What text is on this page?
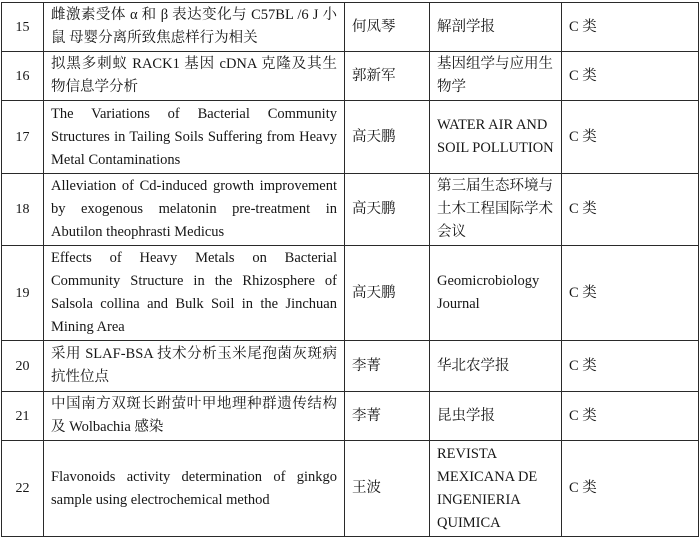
15	雌激素受体 α 和 β 表达变化与 C57BL /6 J 小鼠 母婴分离所致焦虑样行为相关	何凤琴	解剖学报	C 类
16	拟黑多刺蚁 RACK1 基因 cDNA 克隆及其生物信息学分析	郭新军	基因组学与应用生物学	C 类
17	The Variations of Bacterial Community Structures in Tailing Soils Suffering from Heavy Metal Contaminations	高天鹏	WATER AIR AND SOIL POLLUTION	C 类
18	Alleviation of Cd-induced growth improvement by exogenous melatonin pre-treatment in Abutilon theophrasti Medicus	高天鹏	第三届生态环境与土木工程国际学术会议	C 类
19	Effects of Heavy Metals on Bacterial Community Structure in the Rhizosphere of Salsola collina and Bulk Soil in the Jinchuan Mining Area	高天鹏	Geomicrobiology Journal	C 类
20	采用 SLAF-BSA 技术分析玉米尾孢菌灰斑病抗性位点	李菁	华北农学报	C 类
21	中国南方双斑长跗萤叶甲地理种群遗传结构及 Wolbachia 感染	李菁	昆虫学报	C 类
22	Flavonoids activity determination of ginkgo sample using electrochemical method	王波	REVISTA MEXICANA DE INGENIERIA QUIMICA	C 类
